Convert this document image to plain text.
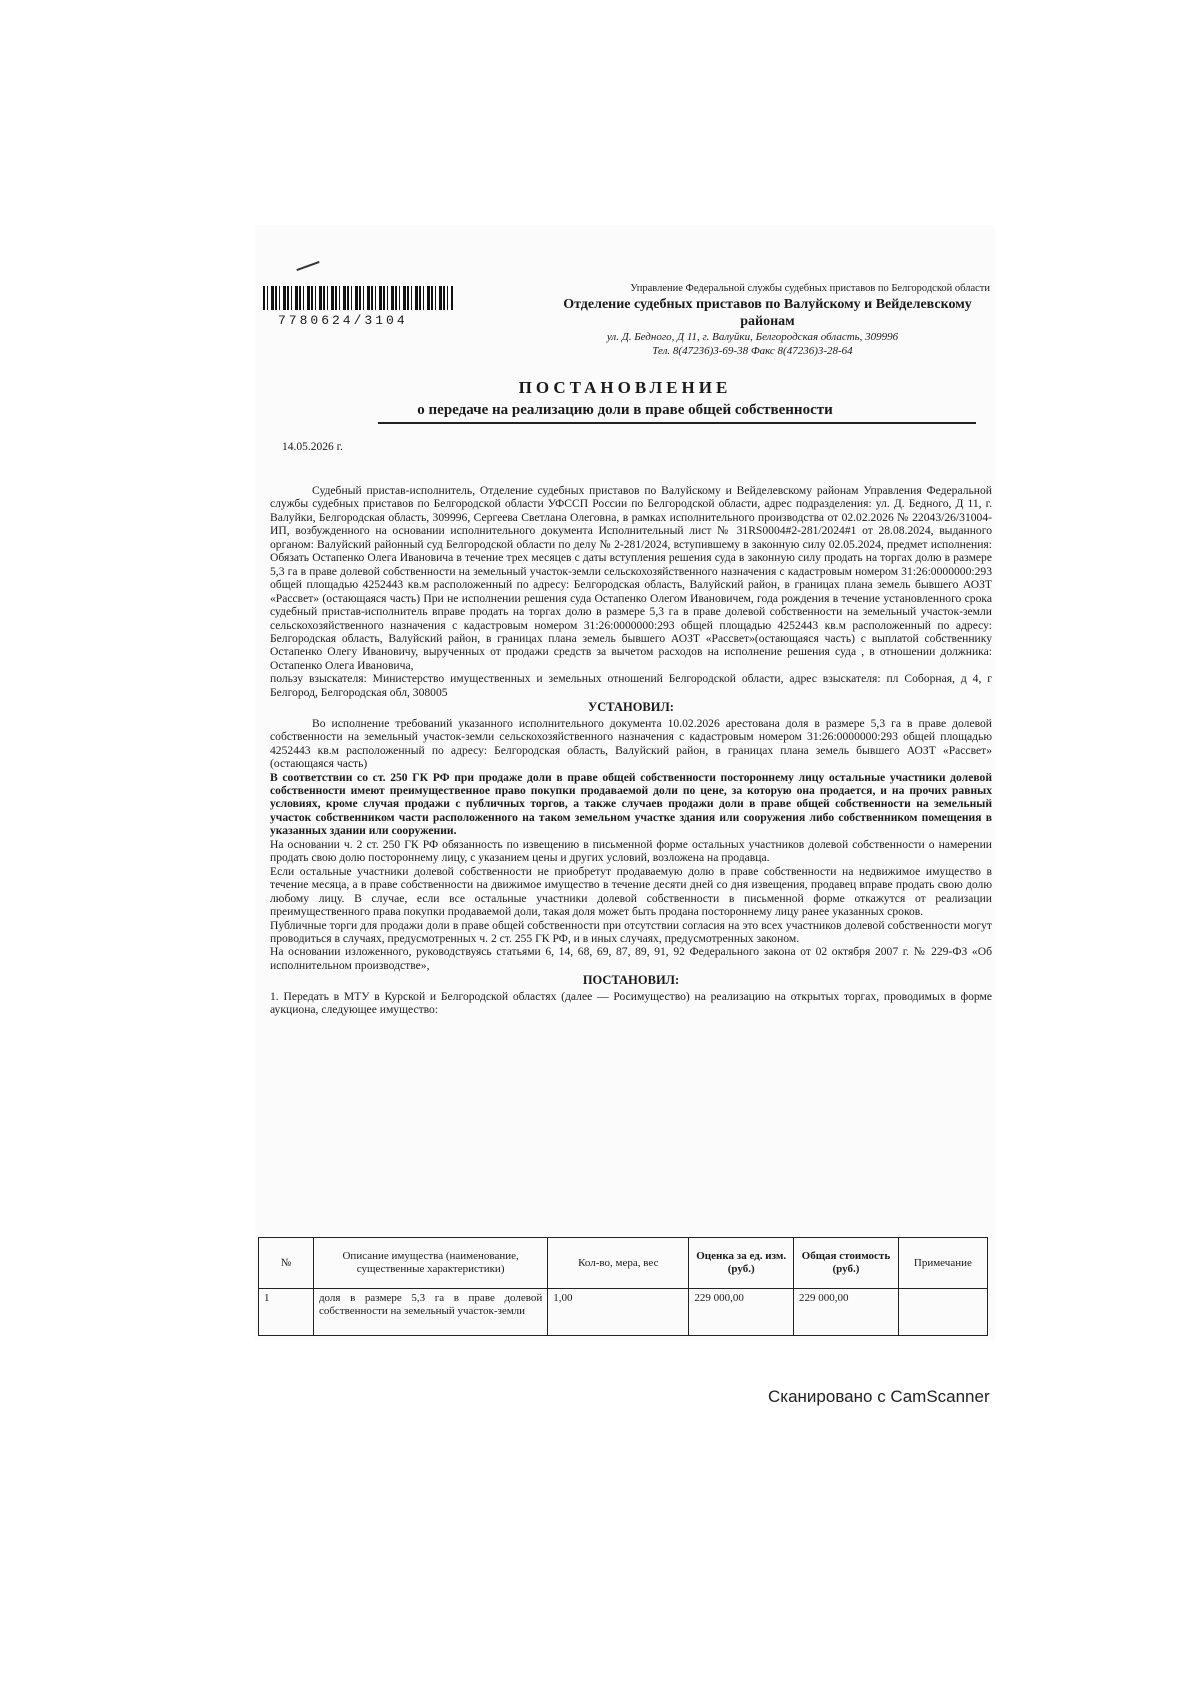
7780624/3104
Управление Федеральной службы судебных приставов по Белгородской области
Отделение судебных приставов по Валуйскому и Вейделевскому районам
ул. Д. Бедного, Д 11, г. Валуйки, Белгородская область, 309996
Тел. 8(47236)3-69-38 Факс 8(47236)3-28-64
ПОСТАНОВЛЕНИЕ
о передаче на реализацию доли в праве общей собственности
14.05.2026 г.

Судебный пристав-исполнитель, Отделение судебных приставов по Валуйскому и Вейделевскому районам Управления Федеральной службы судебных приставов по Белгородской области УФССП России по Белгородской области, адрес подразделения: ул. Д. Бедного, Д 11, г. Валуйки, Белгородская область, 309996, Сергеева Светлана Олеговна, в рамках исполнительного производства от 02.02.2026 № 22043/26/31004-ИП, возбужденного на основании исполнительного документа Исполнительный лист № 31RS0004#2-281/2024#1 от 28.08.2024, выданного органом: Валуйский районный суд Белгородской области по делу № 2-281/2024, вступившему в законную силу 02.05.2024, предмет исполнения: Обязать Остапенко Олега Ивановича в течение трех месяцев с даты вступления решения суда в законную силу продать на торгах долю в размере 5,3 га в праве долевой собственности на земельный участок-земли сельскохозяйственного назначения с кадастровым номером 31:26:0000000:293 общей площадью 4252443 кв.м расположенный по адресу: Белгородская область, Валуйский район, в границах плана земель бывшего АОЗТ «Рассвет» (остающаяся часть) При не исполнении решения суда Остапенко Олегом Ивановичем, года рождения в течение установленного срока судебный пристав-исполнитель вправе продать на торгах долю в размере 5,3 га в праве долевой собственности на земельный участок-земли сельскохозяйственного назначения с кадастровым номером 31:26:0000000:293 общей площадью 4252443 кв.м расположенный по адресу: Белгородская область, Валуйский район, в границах плана земель бывшего АОЗТ «Рассвет»(остающаяся часть) с выплатой собственнику Остапенко Олегу Ивановичу, вырученных от продажи средств за вычетом расходов на исполнение решения суда , в отношении должника: Остапенко Олега Ивановича,

пользу взыскателя: Министерство имущественных и земельных отношений Белгородской области, адрес взыскателя: пл Соборная, д 4, г Белгород, Белгородская обл, 308005

УСТАНОВИЛ:

Во исполнение требований указанного исполнительного документа 10.02.2026 арестована доля в размере 5,3 га в праве долевой собственности на земельный участок-земли сельскохозяйственного назначения с кадастровым номером 31:26:0000000:293 общей площадью 4252443 кв.м расположенный по адресу: Белгородская область, Валуйский район, в границах плана земель бывшего АОЗТ «Рассвет» (остающаяся часть)

В соответствии со ст. 250 ГК РФ при продаже доли в праве общей собственности постороннему лицу остальные участники долевой собственности имеют преимущественное право покупки продаваемой доли по цене, за которую она продается, и на прочих равных условиях, кроме случая продажи с публичных торгов, а также случаев продажи доли в праве общей собственности на земельный участок собственником части расположенного на таком земельном участке здания или сооружения либо собственником помещения в указанных здании или сооружении.

На основании ч. 2 ст. 250 ГК РФ обязанность по извещению в письменной форме остальных участников долевой собственности о намерении продать свою долю постороннему лицу, с указанием цены и других условий, возложена на продавца.

Если остальные участники долевой собственности не приобретут продаваемую долю в праве собственности на недвижимое имущество в течение месяца, а в праве собственности на движимое имущество в течение десяти дней со дня извещения, продавец вправе продать свою долю любому лицу. В случае, если все остальные участники долевой собственности в письменной форме откажутся от реализации преимущественного права покупки продаваемой доли, такая доля может быть продана постороннему лицу ранее указанных сроков.

Публичные торги для продажи доли в праве общей собственности при отсутствии согласия на это всех участников долевой собственности могут проводиться в случаях, предусмотренных ч. 2 ст. 255 ГК РФ, и в иных случаях, предусмотренных законом.

На основании изложенного, руководствуясь статьями 6, 14, 68, 69, 87, 89, 91, 92 Федерального закона от 02 октября 2007 г. № 229-ФЗ «Об исполнительном производстве»,

ПОСТАНОВИЛ:

1. Передать в МТУ в Курской и Белгородской областях (далее — Росимущество) на реализацию на открытых торгах, проводимых в форме аукциона, следующее имущество:

№	Описание имущества (наименование, существенные характеристики)	Кол-во, мера, вес	Оценка за ед. изм. (руб.)	Общая стоимость (руб.)	Примечание
1	доля в размере 5,3 га в праве долевой собственности на земельный участок-земли	1,00	229 000,00	229 000,00	
Сканировано с CamScanner
